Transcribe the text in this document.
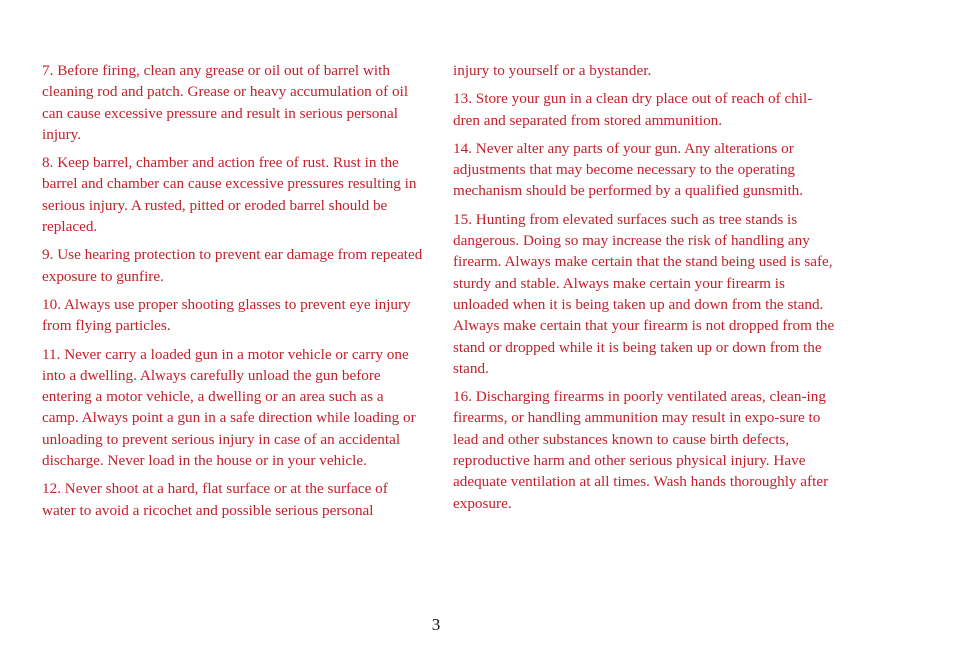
7. Before firing, clean any grease or oil out of barrel with cleaning rod and patch. Grease or heavy accumulation of oil can cause excessive pressure and result in serious personal injury.

8. Keep barrel, chamber and action free of rust. Rust in the barrel and chamber can cause excessive pressures resulting in serious injury. A rusted, pitted or eroded barrel should be replaced.

9. Use hearing protection to prevent ear damage from repeated exposure to gunfire.

10. Always use proper shooting glasses to prevent eye injury from flying particles.

11. Never carry a loaded gun in a motor vehicle or carry one into a dwelling. Always carefully unload the gun before entering a motor vehicle, a dwelling or an area such as a camp. Always point a gun in a safe direction while loading or unloading to prevent serious injury in case of an accidental discharge. Never load in the house or in your vehicle.

12. Never shoot at a hard, flat surface or at the surface of water to avoid a ricochet and possible serious personal

injury to yourself or a bystander.

13. Store your gun in a clean dry place out of reach of chil-dren and separated from stored ammunition.

14. Never alter any parts of your gun. Any alterations or adjustments that may become necessary to the operating mechanism should be performed by a qualified gunsmith.

15. Hunting from elevated surfaces such as tree stands is dangerous. Doing so may increase the risk of handling any firearm. Always make certain that the stand being used is safe, sturdy and stable. Always make certain your firearm is unloaded when it is being taken up and down from the stand. Always make certain that your firearm is not dropped from the stand or dropped while it is being taken up or down from the stand.

16. Discharging firearms in poorly ventilated areas, clean-ing firearms, or handling ammunition may result in expo-sure to lead and other substances known to cause birth defects, reproductive harm and other serious physical injury. Have adequate ventilation at all times. Wash hands thoroughly after exposure.

3
